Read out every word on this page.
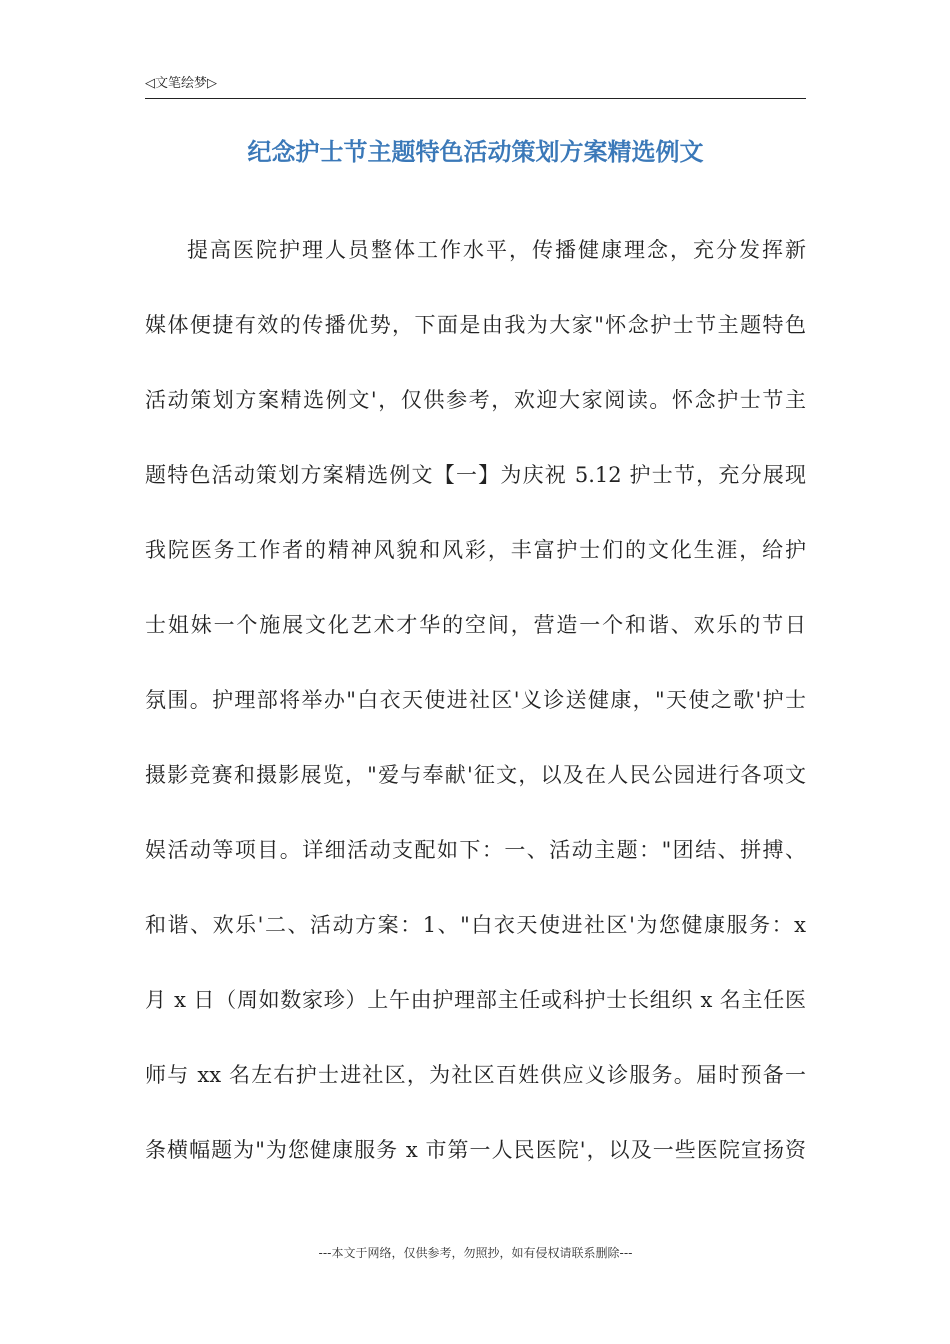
◁文笔绘梦▷
纪念护士节主题特色活动策划方案精选例文
提高医院护理人员整体工作水平，传播健康理念，充分发挥新
媒体便捷有效的传播优势，下面是由我为大家"怀念护士节主题特色
活动策划方案精选例文'，仅供参考，欢迎大家阅读。怀念护士节主
题特色活动策划方案精选例文【一】为庆祝 5.12 护士节，充分展现
我院医务工作者的精神风貌和风彩，丰富护士们的文化生涯，给护
士姐妹一个施展文化艺术才华的空间，营造一个和谐、欢乐的节日
氛围。护理部将举办"白衣天使进社区'义诊送健康，"天使之歌'护士
摄影竞赛和摄影展览，"爱与奉献'征文，以及在人民公园进行各项文
娱活动等项目。详细活动支配如下：一、活动主题："团结、拼搏、
和谐、欢乐'二、活动方案：1、"白衣天使进社区'为您健康服务：x
月 x 日（周如数家珍）上午由护理部主任或科护士长组织 x 名主任医
师与 xx 名左右护士进社区，为社区百姓供应义诊服务。届时预备一
条横幅题为"为您健康服务 x 市第一人民医院'，以及一些医院宣扬资
---本文于网络，仅供参考，勿照抄，如有侵权请联系删除---
